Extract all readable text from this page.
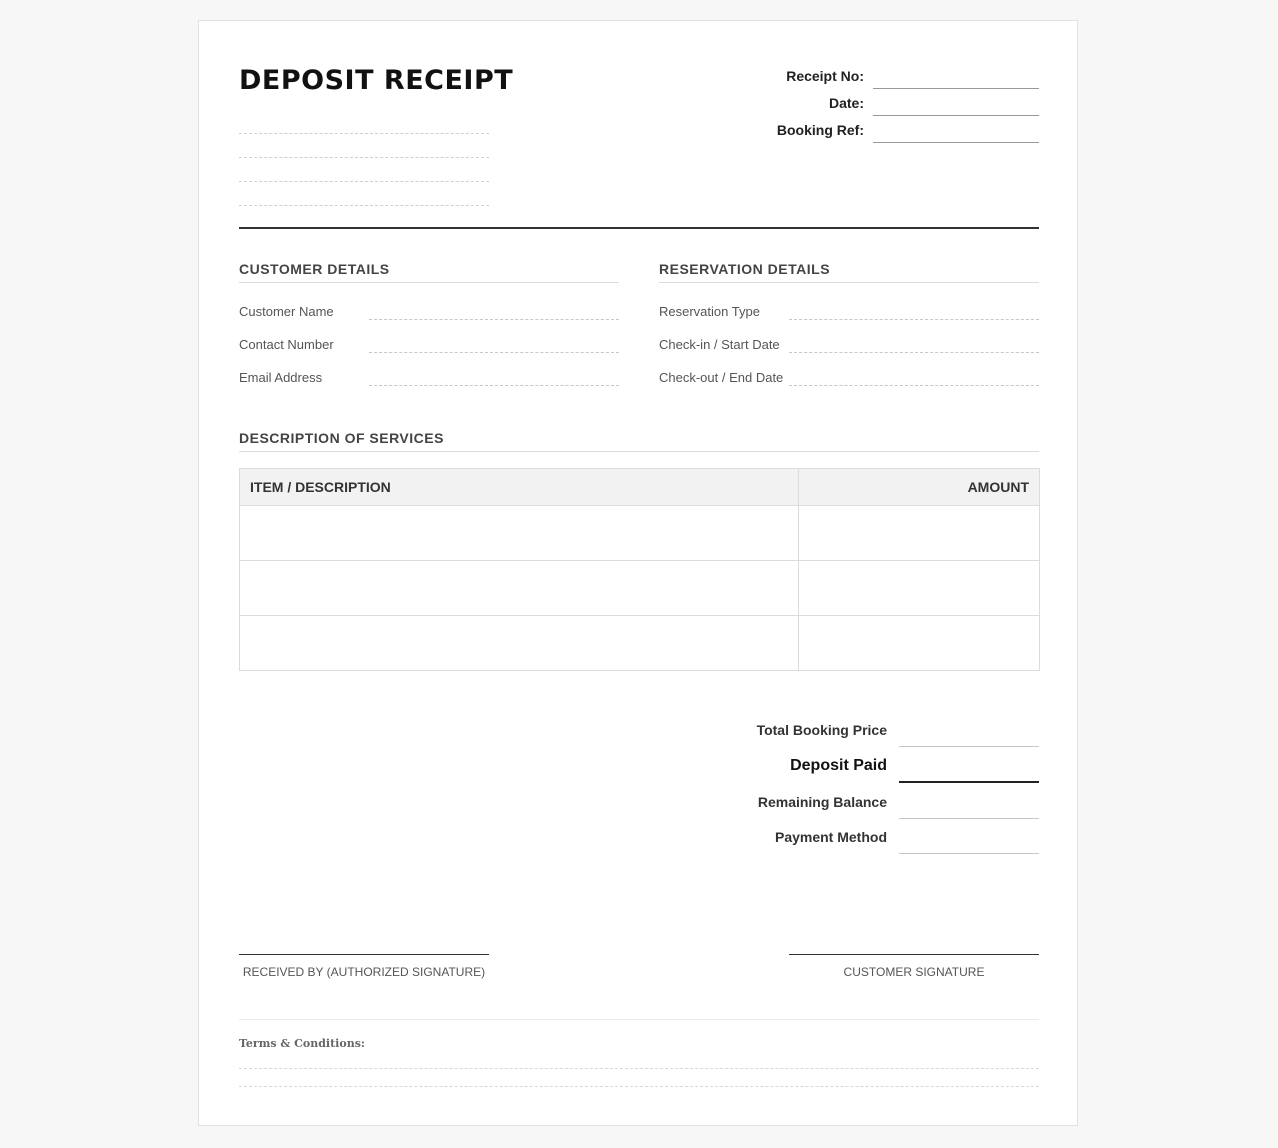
DEPOSIT RECEIPT	Receipt No:
Date:
Booking Ref:
CUSTOMER DETAILS
Customer Name
Contact Number
Email Address
RESERVATION DETAILS
Reservation Type
Check-in / Start Date
Check-out / End Date
DESCRIPTION OF SERVICES
ITEM / DESCRIPTION	AMOUNT

Total Booking Price
Deposit Paid
Remaining Balance
Payment Method
RECEIVED BY (AUTHORIZED SIGNATURE)	CUSTOMER SIGNATURE
Terms & Conditions:
